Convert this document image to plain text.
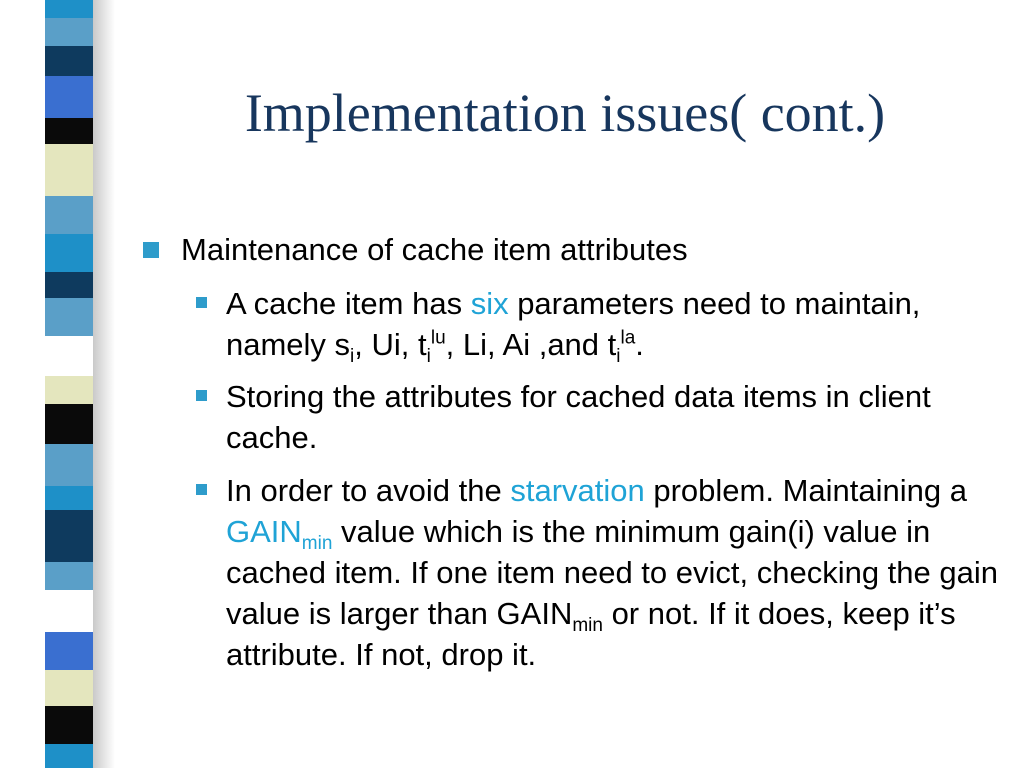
Implementation issues( cont.)
Maintenance of cache item attributes
A cache item has six parameters need to maintain, namely $s_i$, Ui, $t_i^{lu}$, Li, Ai ,and $t_i^{la}$.
Storing the attributes for cached data items in client cache.
In order to avoid the starvation problem. Maintaining a $GAIN_{min}$ value which is the minimum gain(i) value in cached item. If one item need to evict, checking the gain value is larger than $GAIN_{min}$ or not. If it does, keep it’s attribute. If not, drop it.
